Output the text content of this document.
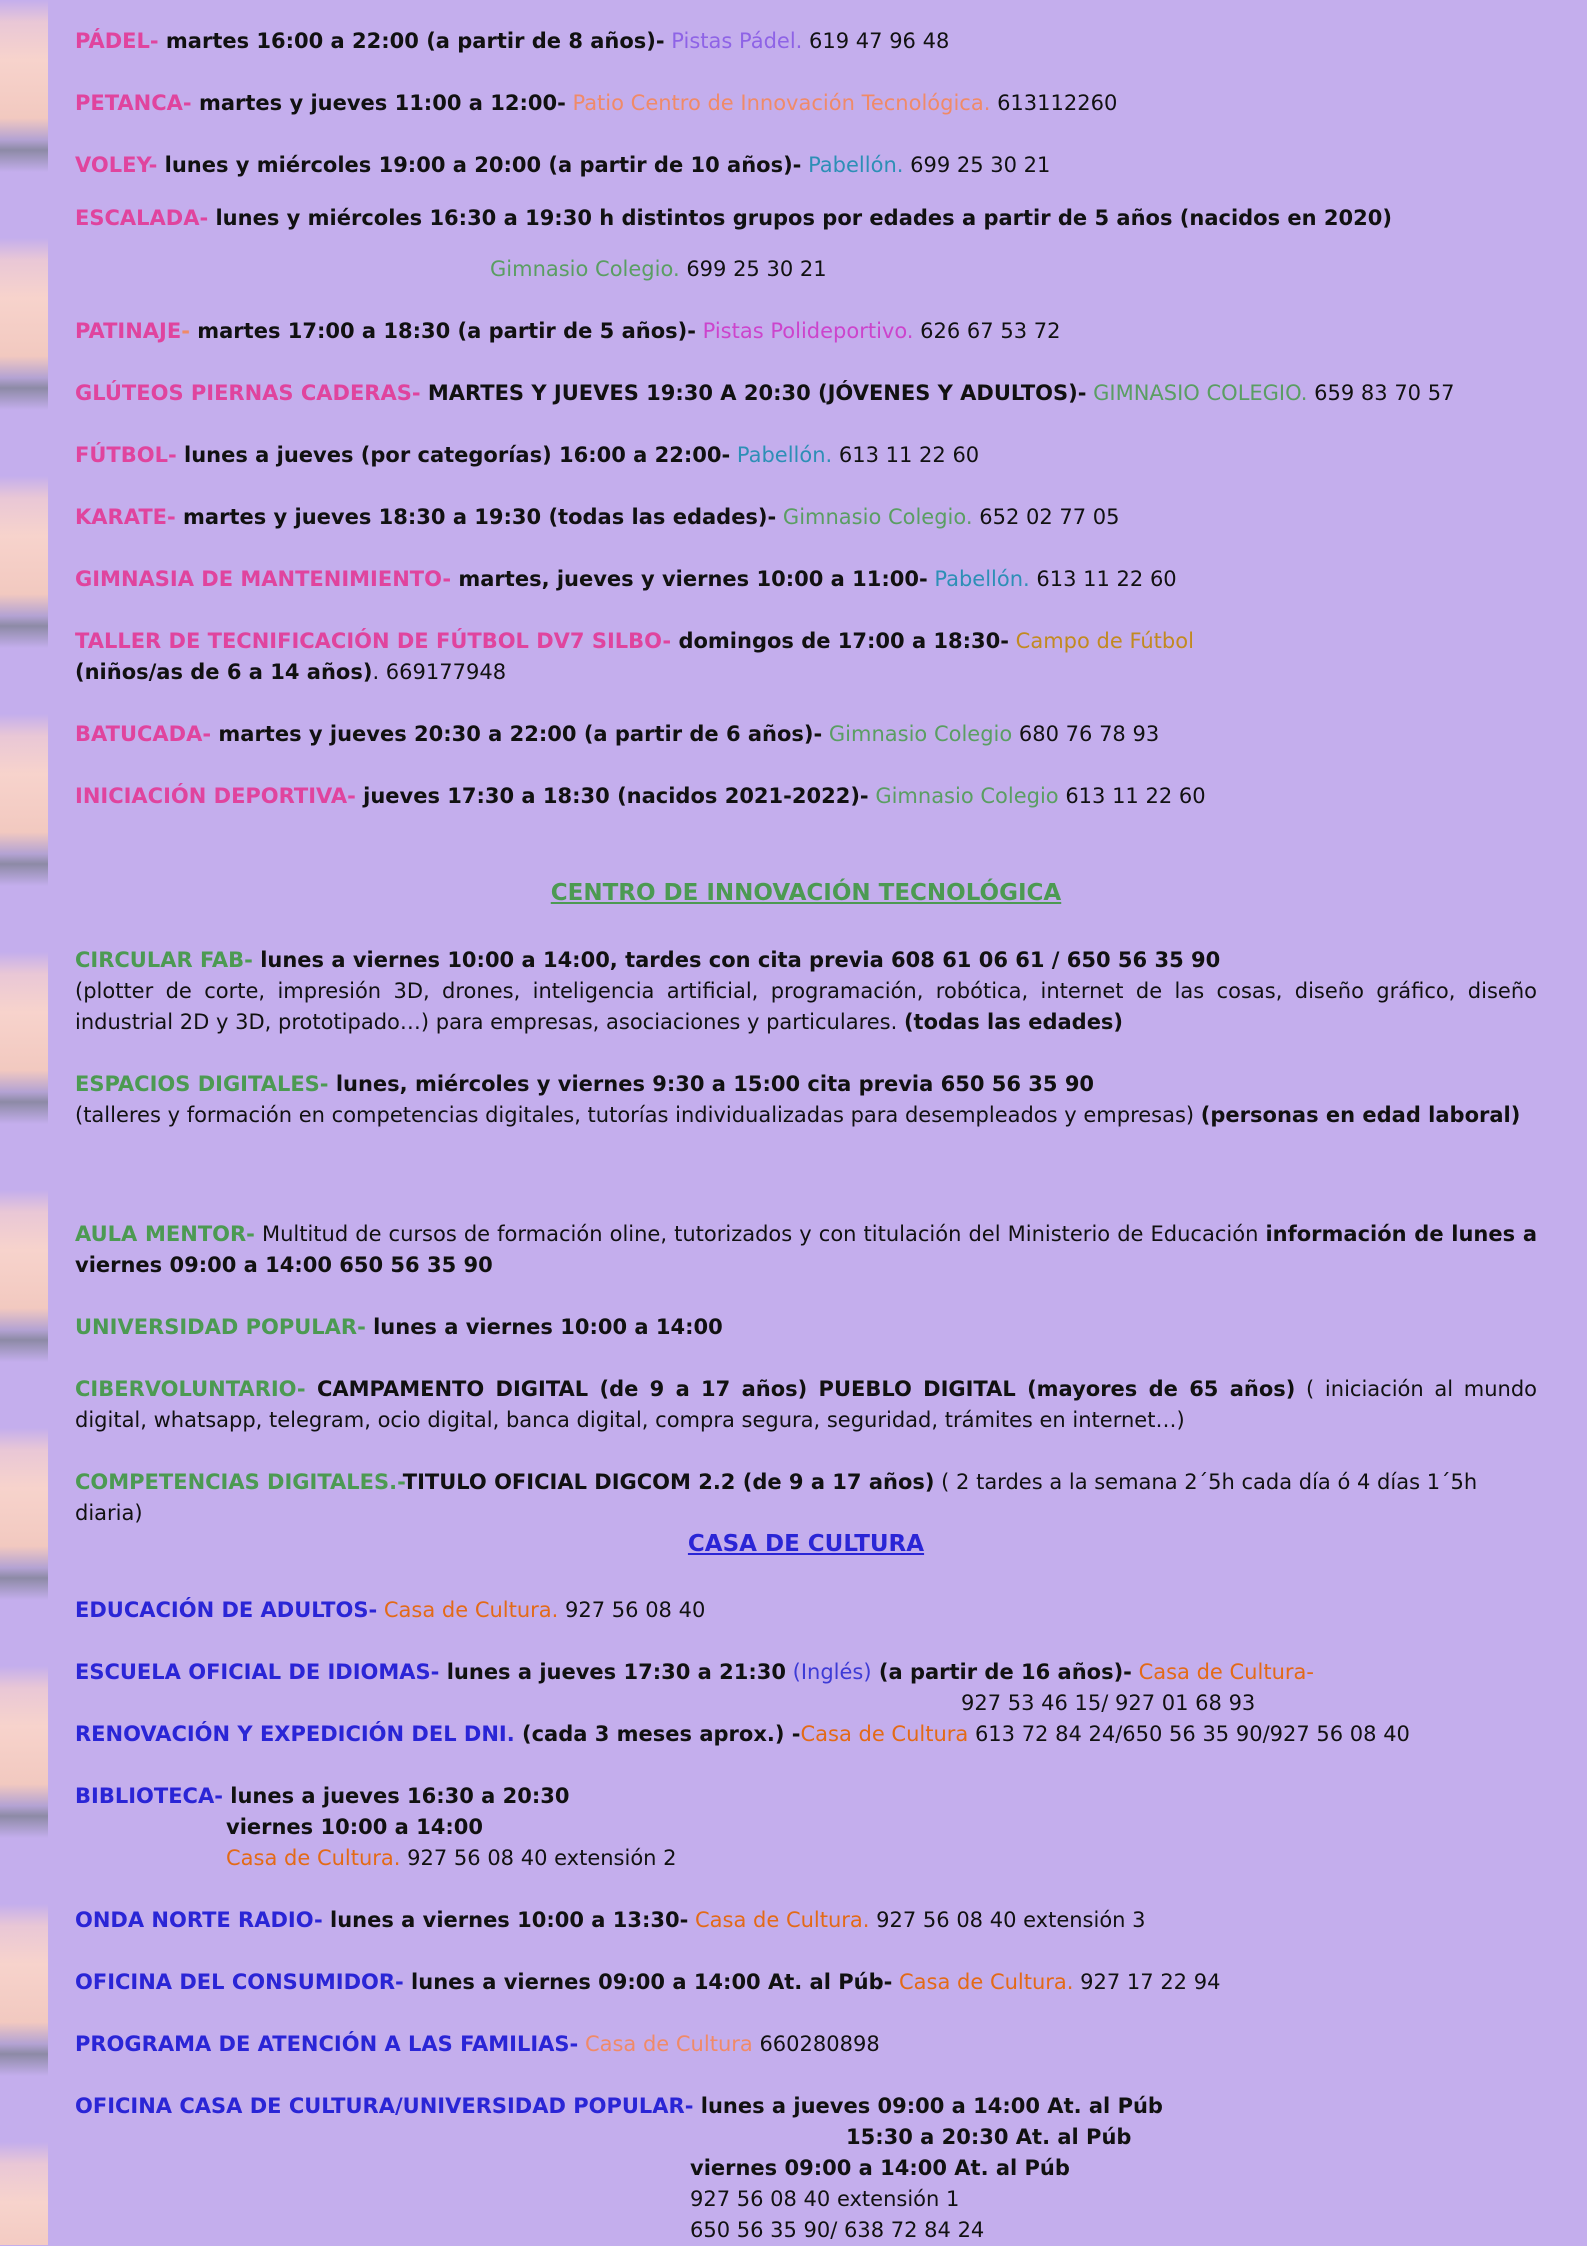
PÁDEL- martes 16:00 a 22:00 (a partir de 8 años)- Pistas Pádel. 619 47 96 48

PETANCA- martes y jueves 11:00 a 12:00- Patio Centro de Innovación Tecnológica. 613112260

VOLEY- lunes y miércoles 19:00 a 20:00 (a partir de 10 años)- Pabellón. 699 25 30 21

ESCALADA- lunes y miércoles 16:30 a 19:30 h distintos grupos por edades a partir de 5 años (nacidos en 2020)

Gimnasio Colegio. 699 25 30 21

PATINAJE- martes 17:00 a 18:30 (a partir de 5 años)- Pistas Polideportivo. 626 67 53 72

GLÚTEOS PIERNAS CADERAS- MARTES Y JUEVES 19:30 A 20:30 (JÓVENES Y ADULTOS)- GIMNASIO COLEGIO. 659 83 70 57

FÚTBOL- lunes a jueves (por categorías) 16:00 a 22:00- Pabellón. 613 11 22 60

KARATE- martes y jueves 18:30 a 19:30 (todas las edades)- Gimnasio Colegio. 652 02 77 05

GIMNASIA DE MANTENIMIENTO- martes, jueves y viernes 10:00 a 11:00- Pabellón. 613 11 22 60

TALLER DE TECNIFICACIÓN DE FÚTBOL DV7 SILBO- domingos de 17:00 a 18:30- Campo de Fútbol
(niños/as de 6 a 14 años). 669177948

BATUCADA- martes y jueves 20:30 a 22:00 (a partir de 6 años)- Gimnasio Colegio 680 76 78 93

INICIACIÓN DEPORTIVA- jueves 17:30 a 18:30 (nacidos 2021-2022)- Gimnasio Colegio 613 11 22 60

CENTRO DE INNOVACIÓN TECNOLÓGICA

CIRCULAR FAB- lunes a viernes 10:00 a 14:00, tardes con cita previa 608 61 06 61 / 650 56 35 90
(plotter de corte, impresión 3D, drones, inteligencia artificial, programación, robótica, internet de las cosas, diseño gráfico, diseño industrial 2D y 3D, prototipado…) para empresas, asociaciones y particulares. (todas las edades)

ESPACIOS DIGITALES- lunes, miércoles y viernes 9:30 a 15:00 cita previa 650 56 35 90
(talleres y formación en competencias digitales, tutorías individualizadas para desempleados y empresas) (personas en edad laboral)

AULA MENTOR- Multitud de cursos de formación oline, tutorizados y con titulación del Ministerio de Educación información de lunes a viernes 09:00 a 14:00 650 56 35 90

UNIVERSIDAD POPULAR- lunes a viernes 10:00 a 14:00

CIBERVOLUNTARIO- CAMPAMENTO DIGITAL (de 9 a 17 años) PUEBLO DIGITAL (mayores de 65 años) ( iniciación al mundo digital, whatsapp, telegram, ocio digital, banca digital, compra segura, seguridad, trámites en internet…)

COMPETENCIAS DIGITALES.-TITULO OFICIAL DIGCOM 2.2 (de 9 a 17 años) ( 2 tardes a la semana 2´5h cada día ó 4 días 1´5h diaria)

CASA DE CULTURA

EDUCACIÓN DE ADULTOS- Casa de Cultura. 927 56 08 40

ESCUELA OFICIAL DE IDIOMAS- lunes a jueves 17:30 a 21:30 (Inglés) (a partir de 16 años)- Casa de Cultura-

927 53 46 15/ 927 01 68 93

RENOVACIÓN Y EXPEDICIÓN DEL DNI. (cada 3 meses aprox.) -Casa de Cultura 613 72 84 24/650 56 35 90/927 56 08 40

BIBLIOTECA- lunes a jueves 16:30 a 20:30

viernes 10:00 a 14:00
Casa de Cultura. 927 56 08 40 extensión 2

ONDA NORTE RADIO- lunes a viernes 10:00 a 13:30- Casa de Cultura. 927 56 08 40 extensión 3

OFICINA DEL CONSUMIDOR- lunes a viernes 09:00 a 14:00 At. al Púb- Casa de Cultura. 927 17 22 94

PROGRAMA DE ATENCIÓN A LAS FAMILIAS- Casa de Cultura 660280898

OFICINA CASA DE CULTURA/UNIVERSIDAD POPULAR- lunes a jueves 09:00 a 14:00 At. al Púb

15:30 a 20:30 At. al Púb

viernes 09:00 a 14:00 At. al Púb
927 56 08 40 extensión 1
650 56 35 90/ 638 72 84 24
